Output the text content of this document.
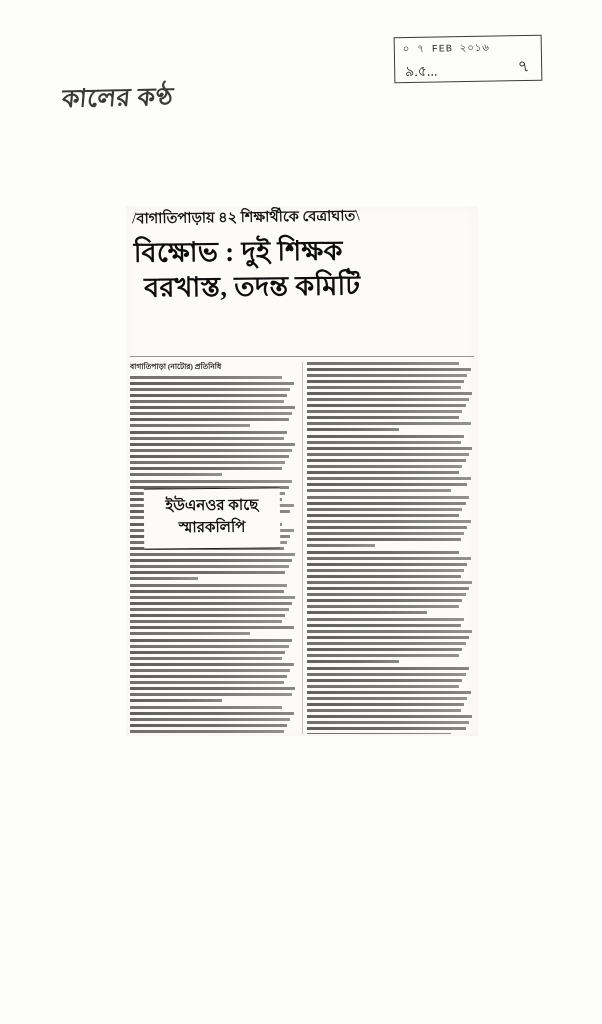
কালের কণ্ঠ
০ ৭ FEB ২০১৬
৯.৫...	৭
/বাগাতিপাড়ায় ৪২ শিক্ষার্থীকে বেত্রাঘাত\
বিক্ষোভ : দুই শিক্ষক
বরখাস্ত, তদন্ত কমিটি
বাগাতিপাড়া (নাটোর) প্রতিনিধি
ইউএনওর কাছে
স্মারকলিপি
